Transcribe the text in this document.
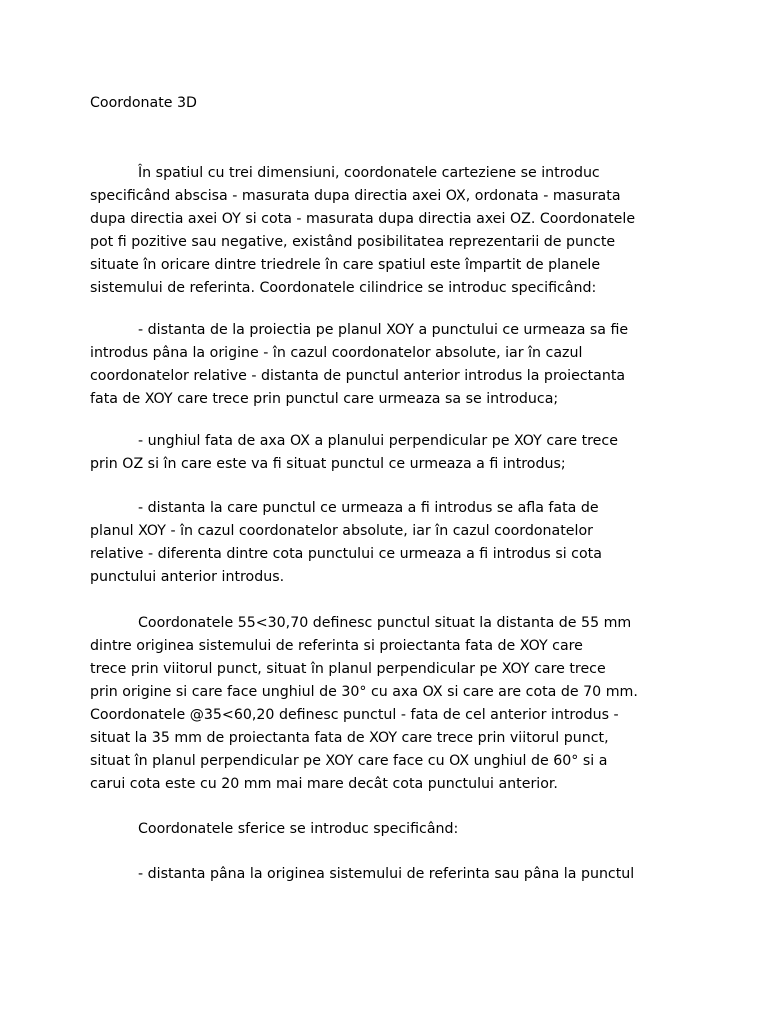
Coordonate 3D
În spatiul cu trei dimensiuni, coordonatele carteziene se introduc
specificând abscisa - masurata dupa directia axei OX, ordonata - masurata
dupa directia axei OY si cota - masurata dupa directia axei OZ. Coordonatele
pot fi pozitive sau negative, existând posibilitatea reprezentarii de puncte
situate în oricare dintre triedrele în care spatiul este împartit de planele
sistemului de referinta. Coordonatele cilindrice se introduc specificând:
- distanta de la proiectia pe planul XOY a punctului ce urmeaza sa fie
introdus pâna la origine - în cazul coordonatelor absolute, iar în cazul
coordonatelor relative - distanta de punctul anterior introdus la proiectanta
fata de XOY care trece prin punctul care urmeaza sa se introduca;
- unghiul fata de axa OX a planului perpendicular pe XOY care trece
prin OZ si în care este va fi situat punctul ce urmeaza a fi introdus;
- distanta la care punctul ce urmeaza a fi introdus se afla fata de
planul XOY - în cazul coordonatelor absolute, iar în cazul coordonatelor
relative - diferenta dintre cota punctului ce urmeaza a fi introdus si cota
punctului anterior introdus.
Coordonatele 55<30,70 definesc punctul situat la distanta de 55 mm
dintre originea sistemului de referinta si proiectanta fata de XOY care
trece prin viitorul punct, situat în planul perpendicular pe XOY care trece
prin origine si care face unghiul de 30° cu axa OX si care are cota de 70 mm.
Coordonatele @35<60,20 definesc punctul - fata de cel anterior introdus -
situat la 35 mm de proiectanta fata de XOY care trece prin viitorul punct,
situat în planul perpendicular pe XOY care face cu OX unghiul de 60° si a
carui cota este cu 20 mm mai mare decât cota punctului anterior.
Coordonatele sferice se introduc specificând:
- distanta pâna la originea sistemului de referinta sau pâna la punctul
